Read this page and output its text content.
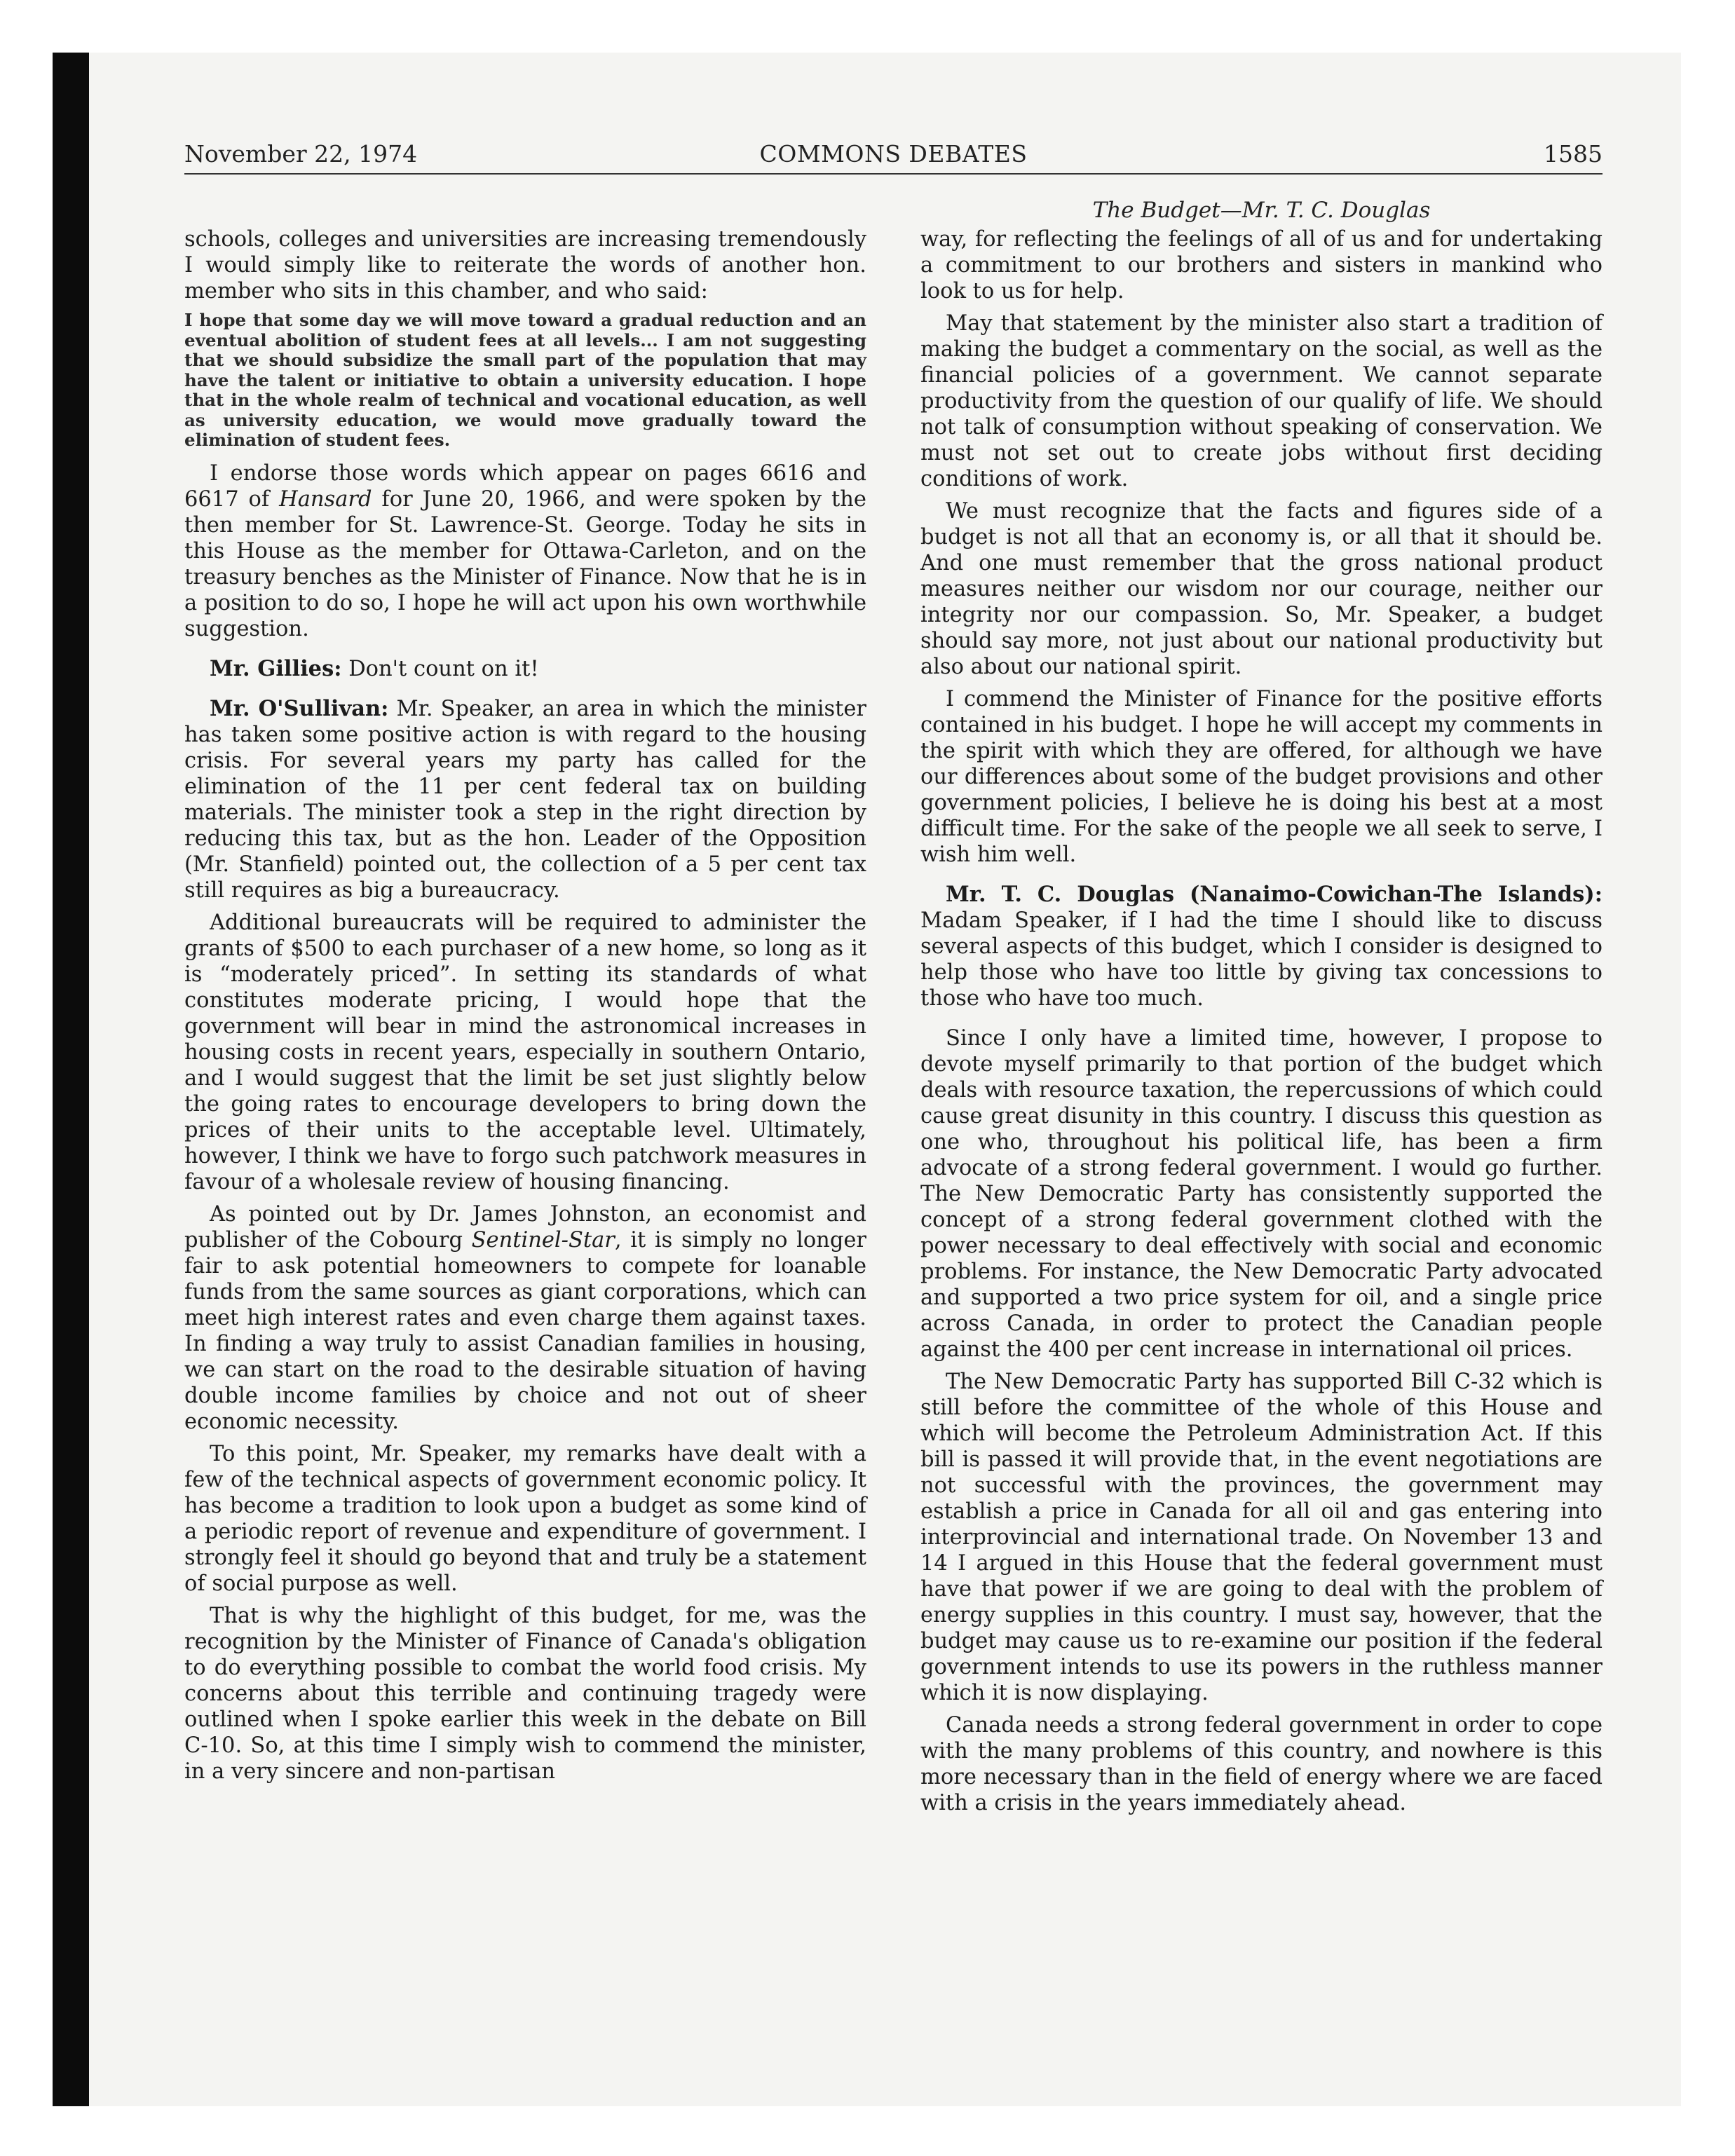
COMMONS DEBATES
November 22, 1974	1585
The Budget—Mr. T. C. Douglas

schools, colleges and universities are increasing tremendously I would simply like to reiterate the words of another hon. member who sits in this chamber, and who said:

I hope that some day we will move toward a gradual reduction and an eventual abolition of student fees at all levels... I am not suggesting that we should subsidize the small part of the population that may have the talent or initiative to obtain a university education. I hope that in the whole realm of technical and vocational education, as well as university education, we would move gradually toward the elimination of student fees.

I endorse those words which appear on pages 6616 and 6617 of Hansard for June 20, 1966, and were spoken by the then member for St. Lawrence-St. George. Today he sits in this House as the member for Ottawa-Carleton, and on the treasury benches as the Minister of Finance. Now that he is in a position to do so, I hope he will act upon his own worthwhile suggestion.

Mr. Gillies: Don't count on it!

Mr. O'Sullivan: Mr. Speaker, an area in which the minister has taken some positive action is with regard to the housing crisis. For several years my party has called for the elimination of the 11 per cent federal tax on building materials. The minister took a step in the right direction by reducing this tax, but as the hon. Leader of the Opposition (Mr. Stanfield) pointed out, the collection of a 5 per cent tax still requires as big a bureaucracy.

Additional bureaucrats will be required to administer the grants of $500 to each purchaser of a new home, so long as it is “moderately priced”. In setting its standards of what constitutes moderate pricing, I would hope that the government will bear in mind the astronomical increases in housing costs in recent years, especially in southern Ontario, and I would suggest that the limit be set just slightly below the going rates to encourage developers to bring down the prices of their units to the acceptable level. Ultimately, however, I think we have to forgo such patchwork measures in favour of a wholesale review of housing financing.

As pointed out by Dr. James Johnston, an economist and publisher of the Cobourg Sentinel-Star, it is simply no longer fair to ask potential homeowners to compete for loanable funds from the same sources as giant corporations, which can meet high interest rates and even charge them against taxes. In finding a way truly to assist Canadian families in housing, we can start on the road to the desirable situation of having double income families by choice and not out of sheer economic necessity.

To this point, Mr. Speaker, my remarks have dealt with a few of the technical aspects of government economic policy. It has become a tradition to look upon a budget as some kind of a periodic report of revenue and expenditure of government. I strongly feel it should go beyond that and truly be a statement of social purpose as well.

That is why the highlight of this budget, for me, was the recognition by the Minister of Finance of Canada's obligation to do everything possible to combat the world food crisis. My concerns about this terrible and continuing tragedy were outlined when I spoke earlier this week in the debate on Bill C-10. So, at this time I simply wish to commend the minister, in a very sincere and non-partisan

way, for reflecting the feelings of all of us and for undertaking a commitment to our brothers and sisters in mankind who look to us for help.

May that statement by the minister also start a tradition of making the budget a commentary on the social, as well as the financial policies of a government. We cannot separate productivity from the question of our qualify of life. We should not talk of consumption without speaking of conservation. We must not set out to create jobs without first deciding conditions of work.

We must recognize that the facts and figures side of a budget is not all that an economy is, or all that it should be. And one must remember that the gross national product measures neither our wisdom nor our courage, neither our integrity nor our compassion. So, Mr. Speaker, a budget should say more, not just about our national productivity but also about our national spirit.

I commend the Minister of Finance for the positive efforts contained in his budget. I hope he will accept my comments in the spirit with which they are offered, for although we have our differences about some of the budget provisions and other government policies, I believe he is doing his best at a most difficult time. For the sake of the people we all seek to serve, I wish him well.

Mr. T. C. Douglas (Nanaimo-Cowichan-The Islands): Madam Speaker, if I had the time I should like to discuss several aspects of this budget, which I consider is designed to help those who have too little by giving tax concessions to those who have too much.

Since I only have a limited time, however, I propose to devote myself primarily to that portion of the budget which deals with resource taxation, the repercussions of which could cause great disunity in this country. I discuss this question as one who, throughout his political life, has been a firm advocate of a strong federal government. I would go further. The New Democratic Party has consistently supported the concept of a strong federal government clothed with the power necessary to deal effectively with social and economic problems. For instance, the New Democratic Party advocated and supported a two price system for oil, and a single price across Canada, in order to protect the Canadian people against the 400 per cent increase in international oil prices.

The New Democratic Party has supported Bill C-32 which is still before the committee of the whole of this House and which will become the Petroleum Administration Act. If this bill is passed it will provide that, in the event negotiations are not successful with the provinces, the government may establish a price in Canada for all oil and gas entering into interprovincial and international trade. On November 13 and 14 I argued in this House that the federal government must have that power if we are going to deal with the problem of energy supplies in this country. I must say, however, that the budget may cause us to re-examine our position if the federal government intends to use its powers in the ruthless manner which it is now displaying.

Canada needs a strong federal government in order to cope with the many problems of this country, and nowhere is this more necessary than in the field of energy where we are faced with a crisis in the years immediately ahead.
